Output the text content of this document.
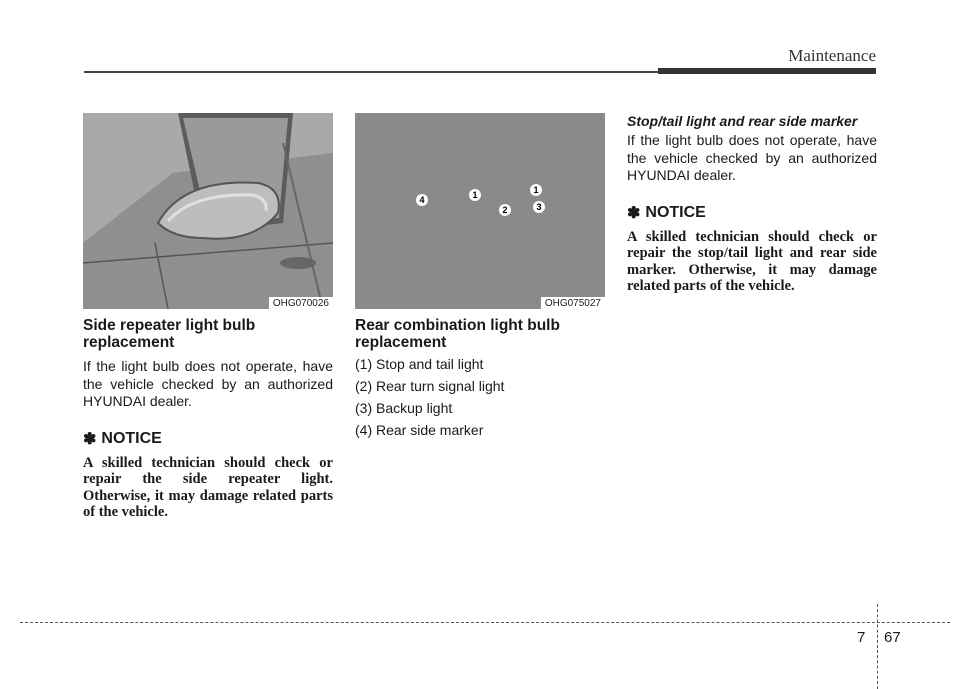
Maintenance
OHG070026
Side repeater light bulb replacement
If the light bulb does not operate, have the vehicle checked by an authorized HYUNDAI dealer.
✽ NOTICE
A skilled technician should check or repair the side repeater light. Otherwise, it may damage related parts of the vehicle.
4	1
2
1
3
OHG075027
Rear combination light bulb replacement
(1) Stop and tail light
(2) Rear turn signal light
(3) Backup light
(4) Rear side marker
Stop/tail light and rear side marker
If the light bulb does not operate, have the vehicle checked by an authorized HYUNDAI dealer.
✽ NOTICE
A skilled technician should check or repair the stop/tail light and rear side marker. Otherwise, it may damage related parts of the vehicle.
7 67
